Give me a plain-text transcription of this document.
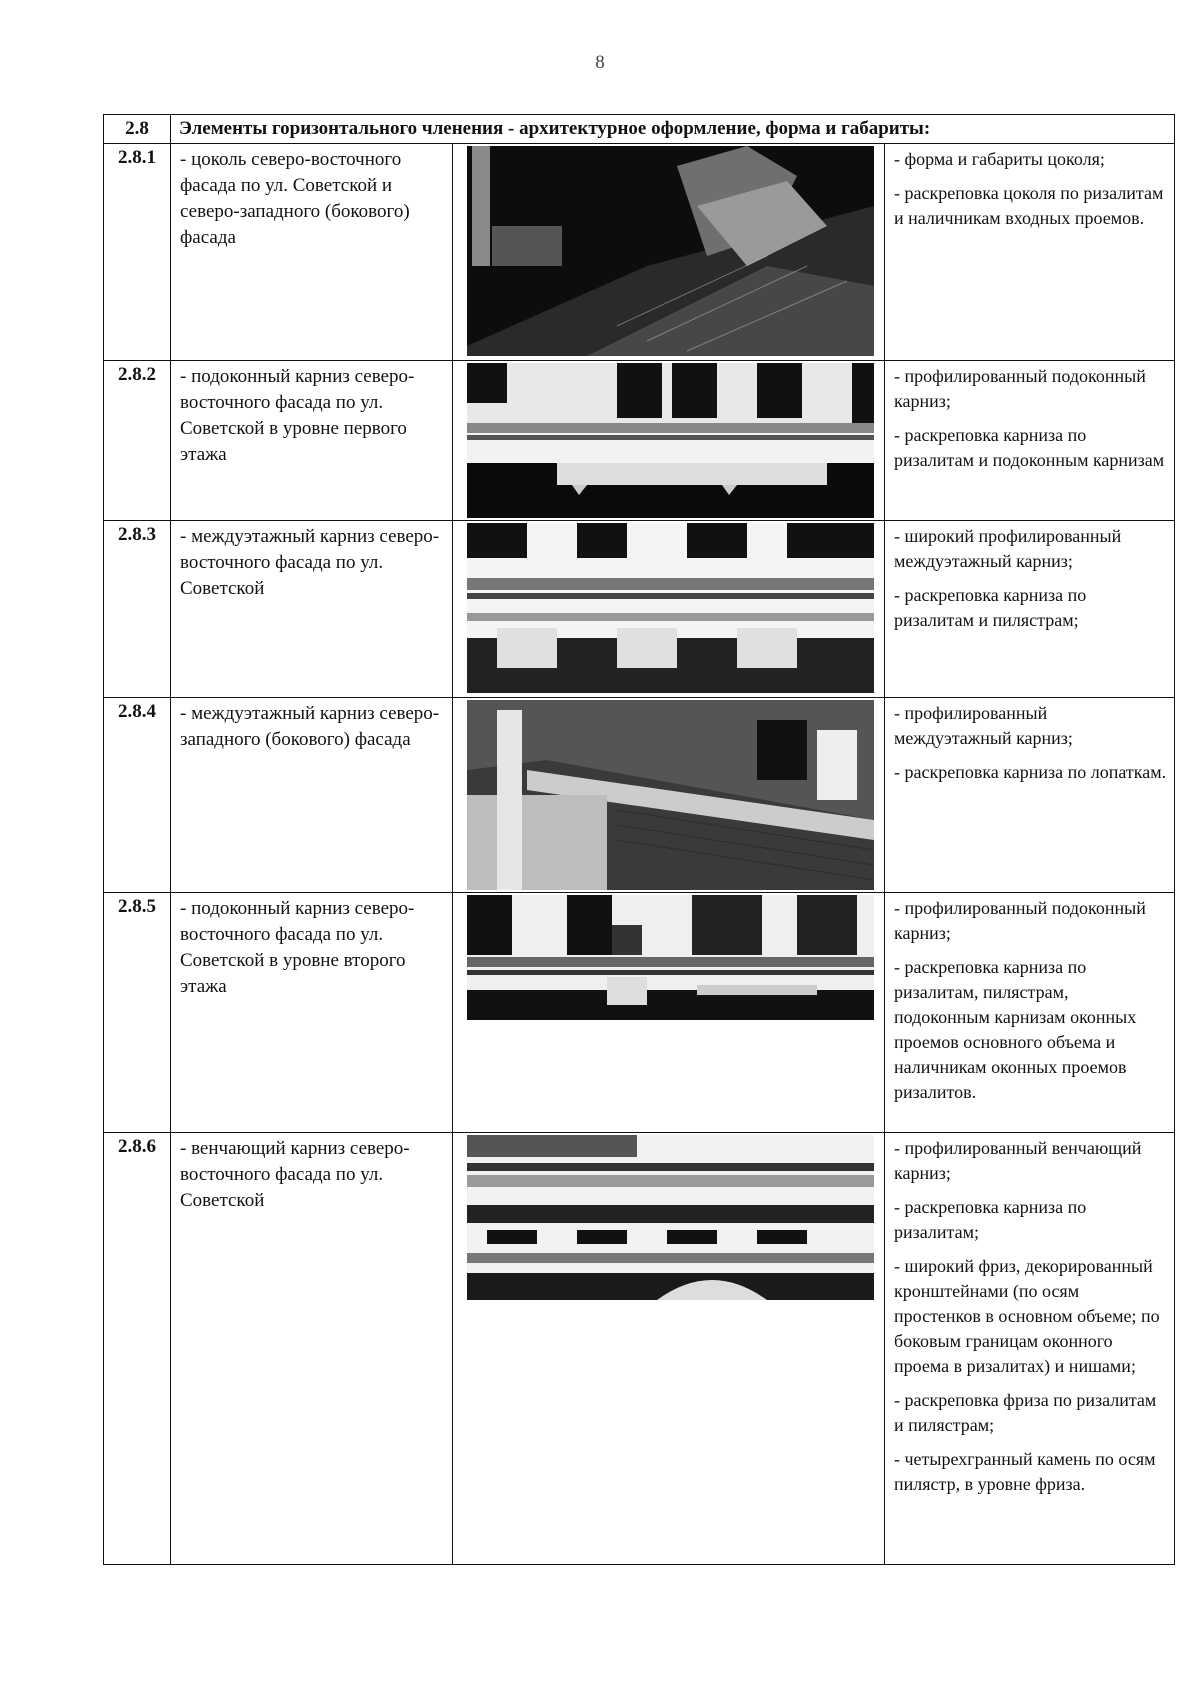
8
2.8	Элементы горизонтального членения - архитектурное оформление, форма и габариты:		
2.8.1	- цоколь северо-восточного фасада по ул. Советской и северо-западного (бокового) фасада		- форма и габариты цоколя;

- раскреповка цоколя по ризалитам и наличникам входных проемов.

2.8.2	- подоконный карниз северо-восточного фасада по ул. Советской в уровне первого этажа		- профилированный подоконный карниз;

- раскреповка карниза по ризалитам и подоконным карнизам

2.8.3	- междуэтажный карниз северо-восточного фасада по ул. Советской		- широкий профилированный междуэтажный карниз;

- раскреповка карниза по ризалитам и пилястрам;

2.8.4	- междуэтажный карниз северо-западного (бокового) фасада		- профилированный междуэтажный карниз;

- раскреповка карниза по лопаткам.

2.8.5	- подоконный карниз северо-восточного фасада по ул. Советской в уровне второго этажа		- профилированный подоконный карниз;

- раскреповка карниза по ризалитам, пилястрам, подоконным карнизам оконных проемов основного объема и наличникам оконных проемов ризалитов.

2.8.6	- венчающий карниз северо-восточного фасада по ул. Советской		- профилированный венчающий карниз;

- раскреповка карниза по ризалитам;

- широкий фриз, декорированный кронштейнами (по осям простенков в основном объеме; по боковым границам оконного проема в ризалитах) и нишами;

- раскреповка фриза по ризалитам и пилястрам;

- четырехгранный камень по осям пилястр, в уровне фриза.
